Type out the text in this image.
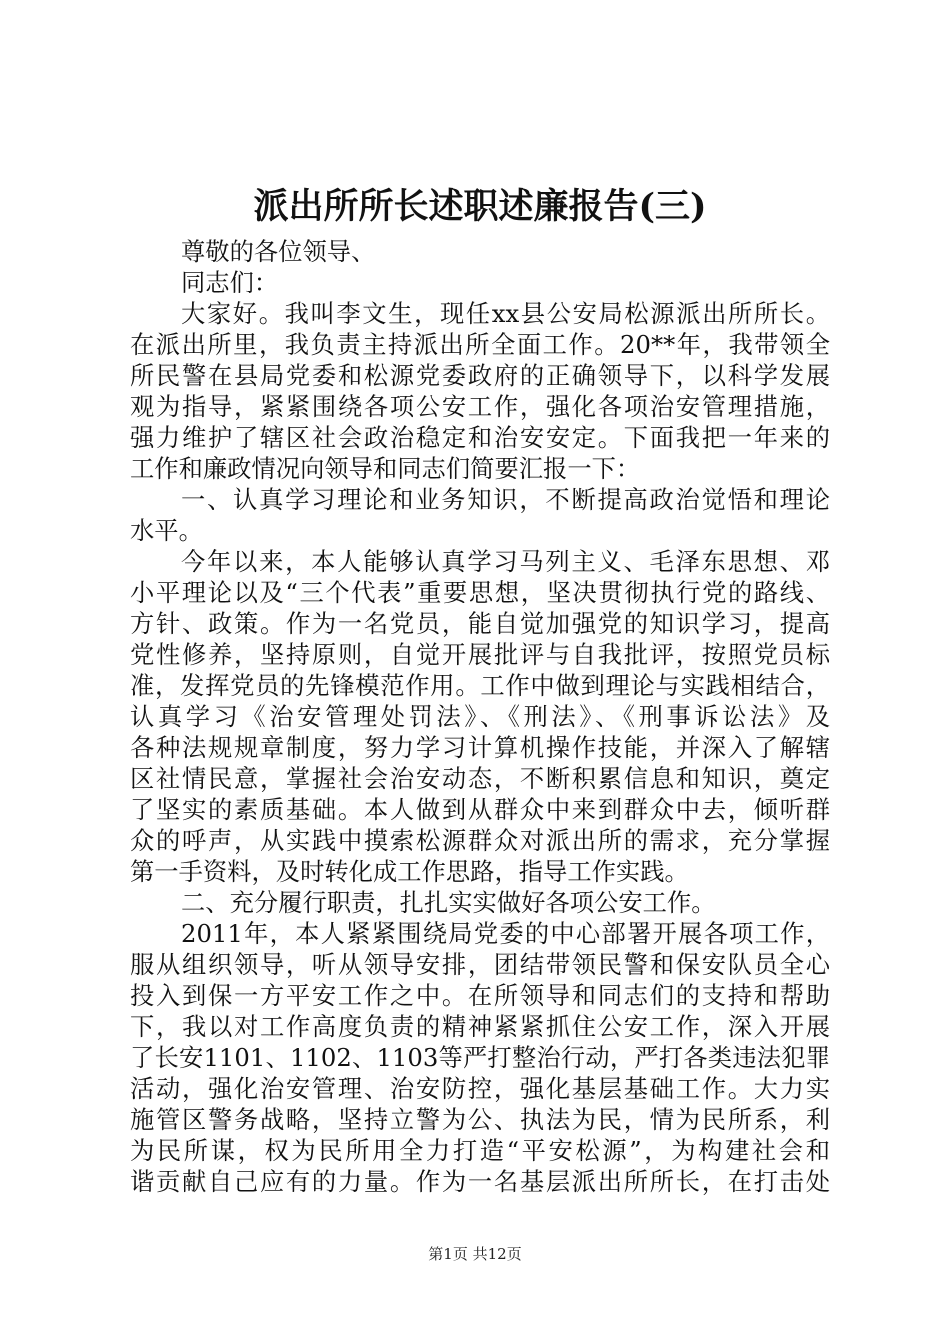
派出所所长述职述廉报告(三)
尊敬的各位领导、
同志们：
大家好。我叫李文生，现任xx县公安局松源派出所所长。
在派出所里，我负责主持派出所全面工作。20**年，我带领全
所民警在县局党委和松源党委政府的正确领导下，以科学发展
观为指导，紧紧围绕各项公安工作，强化各项治安管理措施，
强力维护了辖区社会政治稳定和治安安定。下面我把一年来的
工作和廉政情况向领导和同志们简要汇报一下：
一、认真学习理论和业务知识，不断提高政治觉悟和理论
水平。
今年以来，本人能够认真学习马列主义、毛泽东思想、邓
小平理论以及“三个代表”重要思想，坚决贯彻执行党的路线、
方针、政策。作为一名党员，能自觉加强党的知识学习，提高
党性修养，坚持原则，自觉开展批评与自我批评，按照党员标
准，发挥党员的先锋模范作用。工作中做到理论与实践相结合，
认真学习《治安管理处罚法》、《刑法》、《刑事诉讼法》及
各种法规规章制度，努力学习计算机操作技能，并深入了解辖
区社情民意，掌握社会治安动态，不断积累信息和知识，奠定
了坚实的素质基础。本人做到从群众中来到群众中去，倾听群
众的呼声，从实践中摸索松源群众对派出所的需求，充分掌握
第一手资料，及时转化成工作思路，指导工作实践。
二、充分履行职责，扎扎实实做好各项公安工作。
2011年，本人紧紧围绕局党委的中心部署开展各项工作，
服从组织领导，听从领导安排，团结带领民警和保安队员全心
投入到保一方平安工作之中。在所领导和同志们的支持和帮助
下，我以对工作高度负责的精神紧紧抓住公安工作，深入开展
了长安1101、1102、1103等严打整治行动，严打各类违法犯罪
活动，强化治安管理、治安防控，强化基层基础工作。大力实
施管区警务战略，坚持立警为公、执法为民，情为民所系，利
为民所谋，权为民所用全力打造“平安松源”，为构建社会和
谐贡献自己应有的力量。作为一名基层派出所所长，在打击处
第1页 共12页
